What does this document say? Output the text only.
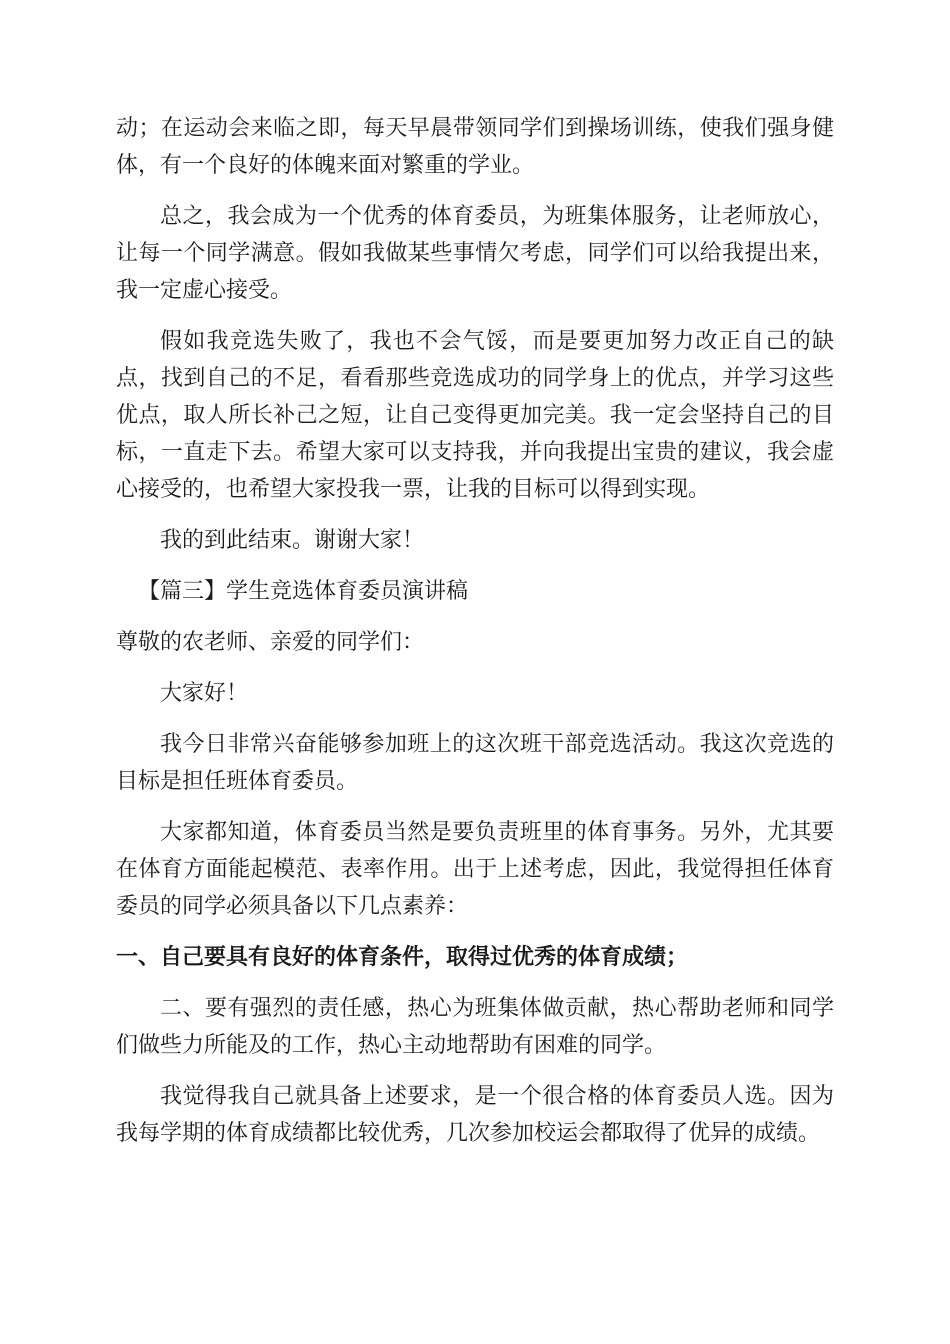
动；在运动会来临之即，每天早晨带领同学们到操场训练，使我们强身健体，有一个良好的体魄来面对繁重的学业。

总之，我会成为一个优秀的体育委员，为班集体服务，让老师放心，让每一个同学满意。假如我做某些事情欠考虑，同学们可以给我提出来，我一定虚心接受。

假如我竞选失败了，我也不会气馁，而是要更加努力改正自己的缺点，找到自己的不足，看看那些竞选成功的同学身上的优点，并学习这些优点，取人所长补己之短，让自己变得更加完美。我一定会坚持自己的目标，一直走下去。希望大家可以支持我，并向我提出宝贵的建议，我会虚心接受的，也希望大家投我一票，让我的目标可以得到实现。

我的到此结束。谢谢大家！

【篇三】学生竞选体育委员演讲稿

尊敬的农老师、亲爱的同学们：

大家好！

我今日非常兴奋能够参加班上的这次班干部竞选活动。我这次竞选的目标是担任班体育委员。

大家都知道，体育委员当然是要负责班里的体育事务。另外，尤其要在体育方面能起模范、表率作用。出于上述考虑，因此，我觉得担任体育委员的同学必须具备以下几点素养：

一、自己要具有良好的体育条件，取得过优秀的体育成绩；

二、要有强烈的责任感，热心为班集体做贡献，热心帮助老师和同学们做些力所能及的工作，热心主动地帮助有困难的同学。

我觉得我自己就具备上述要求，是一个很合格的体育委员人选。因为我每学期的体育成绩都比较优秀，几次参加校运会都取得了优异的成绩。
